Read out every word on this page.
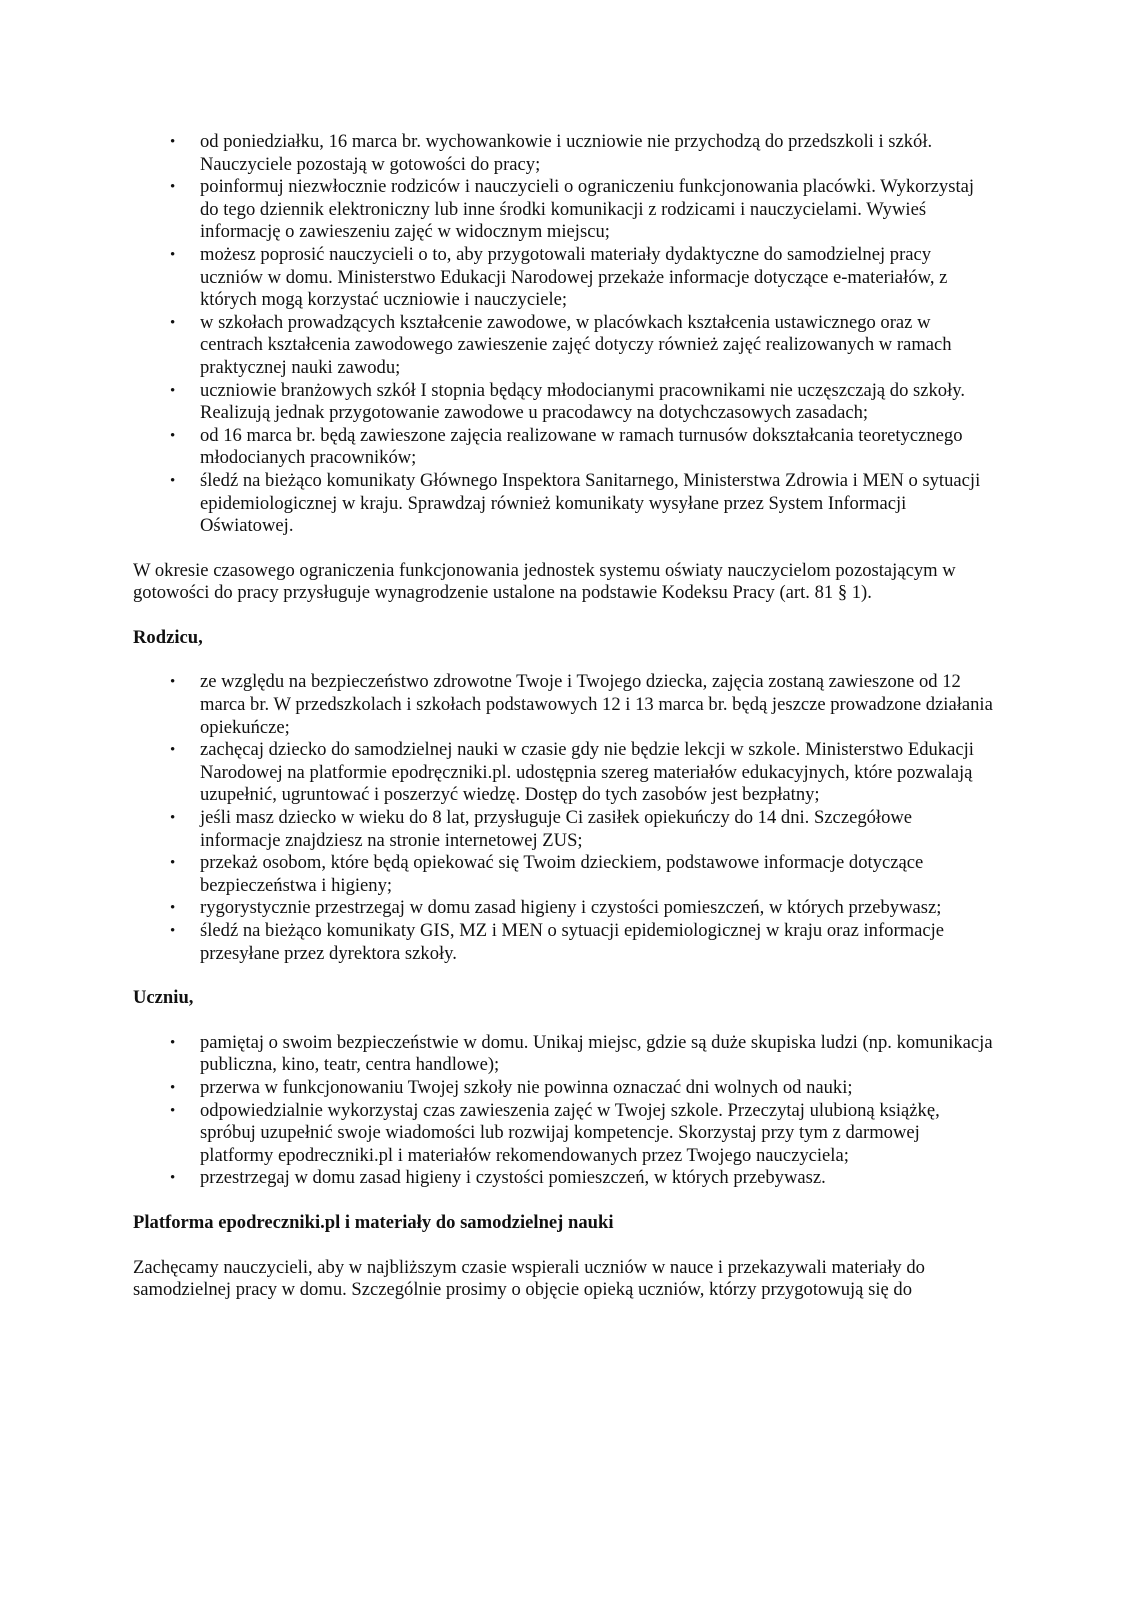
• od poniedziałku, 16 marca br. wychowankowie i uczniowie nie przychodzą do przedszkoli i szkół. Nauczyciele pozostają w gotowości do pracy;
• poinformuj niezwłocznie rodziców i nauczycieli o ograniczeniu funkcjonowania placówki. Wykorzystaj do tego dziennik elektroniczny lub inne środki komunikacji z rodzicami i nauczycielami. Wywieś informację o zawieszeniu zajęć w widocznym miejscu;
• możesz poprosić nauczycieli o to, aby przygotowali materiały dydaktyczne do samodzielnej pracy uczniów w domu. Ministerstwo Edukacji Narodowej przekaże informacje dotyczące e-materiałów, z których mogą korzystać uczniowie i nauczyciele;
• w szkołach prowadzących kształcenie zawodowe, w placówkach kształcenia ustawicznego oraz w centrach kształcenia zawodowego zawieszenie zajęć dotyczy również zajęć realizowanych w ramach praktycznej nauki zawodu;
• uczniowie branżowych szkół I stopnia będący młodocianymi pracownikami nie uczęszczają do szkoły. Realizują jednak przygotowanie zawodowe u pracodawcy na dotychczasowych zasadach;
• od 16 marca br. będą zawieszone zajęcia realizowane w ramach turnusów dokształcania teoretycznego młodocianych pracowników;
• śledź na bieżąco komunikaty Głównego Inspektora Sanitarnego, Ministerstwa Zdrowia i MEN o sytuacji epidemiologicznej w kraju. Sprawdzaj również komunikaty wysyłane przez System Informacji Oświatowej.

W okresie czasowego ograniczenia funkcjonowania jednostek systemu oświaty nauczycielom pozostającym w gotowości do pracy przysługuje wynagrodzenie ustalone na podstawie Kodeksu Pracy (art. 81 § 1).

Rodzicu,
• ze względu na bezpieczeństwo zdrowotne Twoje i Twojego dziecka, zajęcia zostaną zawieszone od 12 marca br. W przedszkolach i szkołach podstawowych 12 i 13 marca br. będą jeszcze prowadzone działania opiekuńcze;
• zachęcaj dziecko do samodzielnej nauki w czasie gdy nie będzie lekcji w szkole. Ministerstwo Edukacji Narodowej na platformie epodręczniki.pl. udostępnia szereg materiałów edukacyjnych, które pozwalają uzupełnić, ugruntować i poszerzyć wiedzę. Dostęp do tych zasobów jest bezpłatny;
• jeśli masz dziecko w wieku do 8 lat, przysługuje Ci zasiłek opiekuńczy do 14 dni. Szczegółowe informacje znajdziesz na stronie internetowej ZUS;
• przekaż osobom, które będą opiekować się Twoim dzieckiem, podstawowe informacje dotyczące bezpieczeństwa i higieny;
• rygorystycznie przestrzegaj w domu zasad higieny i czystości pomieszczeń, w których przebywasz;
• śledź na bieżąco komunikaty GIS, MZ i MEN o sytuacji epidemiologicznej w kraju oraz informacje przesyłane przez dyrektora szkoły.
Uczniu,
• pamiętaj o swoim bezpieczeństwie w domu. Unikaj miejsc, gdzie są duże skupiska ludzi (np. komunikacja publiczna, kino, teatr, centra handlowe);
• przerwa w funkcjonowaniu Twojej szkoły nie powinna oznaczać dni wolnych od nauki;
• odpowiedzialnie wykorzystaj czas zawieszenia zajęć w Twojej szkole. Przeczytaj ulubioną książkę, spróbuj uzupełnić swoje wiadomości lub rozwijaj kompetencje. Skorzystaj przy tym z darmowej platformy epodreczniki.pl i materiałów rekomendowanych przez Twojego nauczyciela;
• przestrzegaj w domu zasad higieny i czystości pomieszczeń, w których przebywasz.
Platforma epodreczniki.pl i materiały do samodzielnej nauki

Zachęcamy nauczycieli, aby w najbliższym czasie wspierali uczniów w nauce i przekazywali materiały do samodzielnej pracy w domu. Szczególnie prosimy o objęcie opieką uczniów, którzy przygotowują się do
